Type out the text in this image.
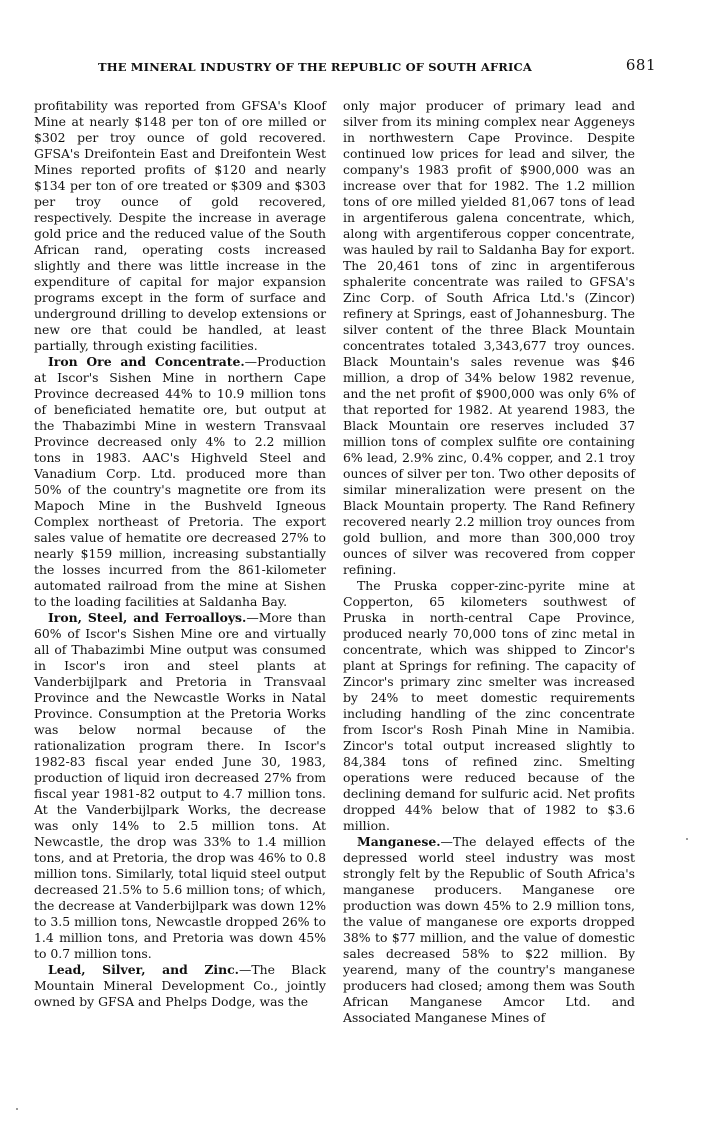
THE MINERAL INDUSTRY OF THE REPUBLIC OF SOUTH AFRICA	681

profitability was reported from GFSA's Kloof Mine at nearly $148 per ton of ore milled or $302 per troy ounce of gold recovered. GFSA's Dreifontein East and Dreifontein West Mines reported profits of $120 and nearly $134 per ton of ore treated or $309 and $303 per troy ounce of gold recovered, respectively. Despite the increase in average gold price and the reduced value of the South African rand, operating costs increased slightly and there was little increase in the expenditure of capital for major expansion programs except in the form of surface and underground drilling to develop extensions or new ore that could be handled, at least partially, through existing facilities.

Iron Ore and Concentrate.—Production at Iscor's Sishen Mine in northern Cape Province decreased 44% to 10.9 million tons of beneficiated hematite ore, but output at the Thabazimbi Mine in western Transvaal Province decreased only 4% to 2.2 million tons in 1983. AAC's Highveld Steel and Vanadium Corp. Ltd. produced more than 50% of the country's magnetite ore from its Mapoch Mine in the Bushveld Igneous Complex northeast of Pretoria. The export sales value of hematite ore decreased 27% to nearly $159 million, increasing substantially the losses incurred from the 861-kilometer automated railroad from the mine at Sishen to the loading facilities at Saldanha Bay.

Iron, Steel, and Ferroalloys.—More than 60% of Iscor's Sishen Mine ore and virtually all of Thabazimbi Mine output was consumed in Iscor's iron and steel plants at Vanderbijlpark and Pretoria in Transvaal Province and the Newcastle Works in Natal Province. Consumption at the Pretoria Works was below normal because of the rationalization program there. In Iscor's 1982-83 fiscal year ended June 30, 1983, production of liquid iron decreased 27% from fiscal year 1981-82 output to 4.7 million tons. At the Vanderbijlpark Works, the decrease was only 14% to 2.5 million tons. At Newcastle, the drop was 33% to 1.4 million tons, and at Pretoria, the drop was 46% to 0.8 million tons. Similarly, total liquid steel output decreased 21.5% to 5.6 million tons; of which, the decrease at Vanderbijlpark was down 12% to 3.5 million tons, Newcastle dropped 26% to 1.4 million tons, and Pretoria was down 45% to 0.7 million tons.

Lead, Silver, and Zinc.—The Black Mountain Mineral Development Co., jointly owned by GFSA and Phelps Dodge, was the

only major producer of primary lead and silver from its mining complex near Aggeneys in northwestern Cape Province. Despite continued low prices for lead and silver, the company's 1983 profit of $900,000 was an increase over that for 1982. The 1.2 million tons of ore milled yielded 81,067 tons of lead in argentiferous galena concentrate, which, along with argentiferous copper concentrate, was hauled by rail to Saldanha Bay for export. The 20,461 tons of zinc in argentiferous sphalerite concentrate was railed to GFSA's Zinc Corp. of South Africa Ltd.'s (Zincor) refinery at Springs, east of Johannesburg. The silver content of the three Black Mountain concentrates totaled 3,343,677 troy ounces. Black Mountain's sales revenue was $46 million, a drop of 34% below 1982 revenue, and the net profit of $900,000 was only 6% of that reported for 1982. At yearend 1983, the Black Mountain ore reserves included 37 million tons of complex sulfite ore containing 6% lead, 2.9% zinc, 0.4% copper, and 2.1 troy ounces of silver per ton. Two other deposits of similar mineralization were present on the Black Mountain property. The Rand Refinery recovered nearly 2.2 million troy ounces from gold bullion, and more than 300,000 troy ounces of silver was recovered from copper refining.

The Pruska copper-zinc-pyrite mine at Copperton, 65 kilometers southwest of Pruska in north-central Cape Province, produced nearly 70,000 tons of zinc metal in concentrate, which was shipped to Zincor's plant at Springs for refining. The capacity of Zincor's primary zinc smelter was increased by 24% to meet domestic requirements including handling of the zinc concentrate from Iscor's Rosh Pinah Mine in Namibia. Zincor's total output increased slightly to 84,384 tons of refined zinc. Smelting operations were reduced because of the declining demand for sulfuric acid. Net profits dropped 44% below that of 1982 to $3.6 million.

Manganese.—The delayed effects of the depressed world steel industry was most strongly felt by the Republic of South Africa's manganese producers. Manganese ore production was down 45% to 2.9 million tons, the value of manganese ore exports dropped 38% to $77 million, and the value of domestic sales decreased 58% to $22 million. By yearend, many of the country's manganese producers had closed; among them was South African Manganese Amcor Ltd. and Associated Manganese Mines of
